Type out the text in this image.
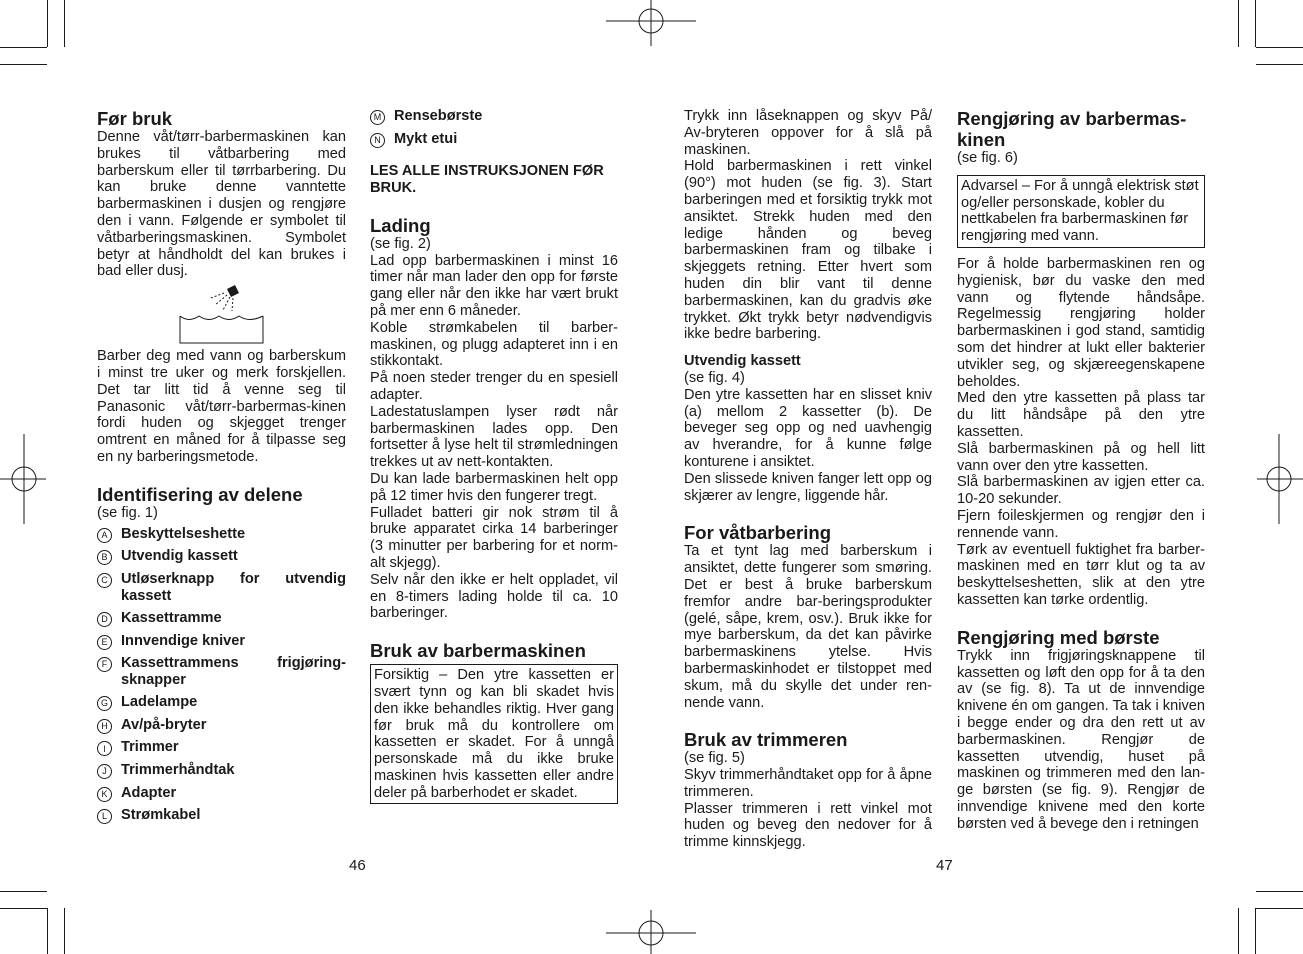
Før bruk

Denne våt/tørr-barbermaskinen kan brukes til våtbarbering med barberskum eller til tørrbarbering. Du kan bruke denne vanntette barbermaskinen i dusjen og rengjøre den i vann. Følgende er symbolet til våtbarberingsmaskinen. Symbolet betyr at håndholdt del kan brukes i bad eller dusj.

Barber deg med vann og barberskum i minst tre uker og merk forskjellen. Det tar litt tid å venne seg til Panasonic våt/tørr-barbermas-kinen fordi huden og skjegget trenger omtrent en måned for å tilpasse seg en ny barberingsmetode.

Identifisering av delene

(se fig. 1)

A Beskyttelseshette
B Utvendig kassett
C Utløserknapp for utvendig kassett
D Kassettramme
E Innvendige kniver
F Kassettrammens frigjøring-sknapper
G Ladelampe
H Av/på-bryter
I	Trimmer
J Trimmerhåndtak
K Adapter
L Strømkabel
M Rensebørste
N Mykt etui

LES ALLE INSTRUKSJONEN FØR BRUK.

Lading

(se fig. 2)

Lad opp barbermaskinen i minst 16 timer når man lader den opp for første gang eller når den ikke har vært brukt på mer enn 6 måneder.

Koble strømkabelen til barber-maskinen, og plugg adapteret inn i en stikkontakt.

På noen steder trenger du en spesiell adapter.

Ladestatuslampen lyser rødt når barbermaskinen lades opp. Den fortsetter å lyse helt til strømledningen trekkes ut av nett-kontakten.

Du kan lade barbermaskinen helt opp på 12 timer hvis den fungerer tregt.

Fulladet batteri gir nok strøm til å bruke apparatet cirka 14 barberinger (3 minutter per barbering for et norm-alt skjegg).

Selv når den ikke er helt oppladet, vil en 8-timers lading holde til ca. 10 barberinger.

Bruk av barbermaskinen

Forsiktig – Den ytre kassetten er svært tynn og kan bli skadet hvis den ikke behandles riktig. Hver gang før bruk må du kontrollere om kassetten er skadet. For å unngå personskade må du ikke bruke maskinen hvis kassetten eller andre deler på barberhodet er skadet.

46

Trykk inn låseknappen og skyv På/ Av-bryteren oppover for å slå på maskinen.

Hold barbermaskinen i rett vinkel (90°) mot huden (se fig. 3). Start barberingen med et forsiktig trykk mot ansiktet. Strekk huden med den ledige hånden og beveg barbermaskinen fram og tilbake i skjeggets retning. Etter hvert som huden din blir vant til denne barbermaskinen, kan du gradvis øke trykket. Økt trykk betyr nødvendigvis ikke bedre barbering.

Utvendig kassett

(se fig. 4)

Den ytre kassetten har en slisset kniv (a) mellom 2 kassetter (b). De beveger seg opp og ned uavhengig av hverandre, for å kunne følge konturene i ansiktet.

Den slissede kniven fanger lett opp og skjærer av lengre, liggende hår.

For våtbarbering

Ta et tynt lag med barberskum i ansiktet, dette fungerer som smøring. Det er best å bruke barberskum fremfor andre bar-beringsprodukter (gelé, såpe, krem, osv.). Bruk ikke for mye barberskum, da det kan påvirke barbermaskinens ytelse. Hvis barbermaskinhodet er tilstoppet med skum, må du skylle det under ren-nende vann.

Bruk av trimmeren

(se fig. 5)

Skyv trimmerhåndtaket opp for å åpne trimmeren.

Plasser trimmeren i rett vinkel mot huden og beveg den nedover for å trimme kinnskjegg.

Rengjøring av barbermas-kinen

(se fig. 6)

Advarsel – For å unngå elektrisk støt og/eller personskade, kobler du nettkabelen fra barbermaskinen før rengjøring med vann.

For å holde barbermaskinen ren og hygienisk, bør du vaske den med vann og flytende håndsåpe. Regelmessig rengjøring holder barbermaskinen i god stand, samtidig som det hindrer at lukt eller bakterier utvikler seg, og skjæreegenskapene beholdes.

Med den ytre kassetten på plass tar du litt håndsåpe på den ytre kassetten.

Slå barbermaskinen på og hell litt vann over den ytre kassetten.

Slå barbermaskinen av igjen etter ca. 10-20 sekunder.

Fjern foileskjermen og rengjør den i rennende vann.

Tørk av eventuell fuktighet fra barber-maskinen med en tørr klut og ta av beskyttelseshetten, slik at den ytre kassetten kan tørke ordentlig.

Rengjøring med børste

Trykk inn frigjøringsknappene til kassetten og løft den opp for å ta den av (se fig. 8). Ta ut de innvendige knivene én om gangen. Ta tak i kniven i begge ender og dra den rett ut av barbermaskinen. Rengjør de kassetten utvendig, huset på maskinen og trimmeren med den lan-ge børsten (se fig. 9). Rengjør de innvendige knivene med den korte børsten ved å bevege den i retningen

47
